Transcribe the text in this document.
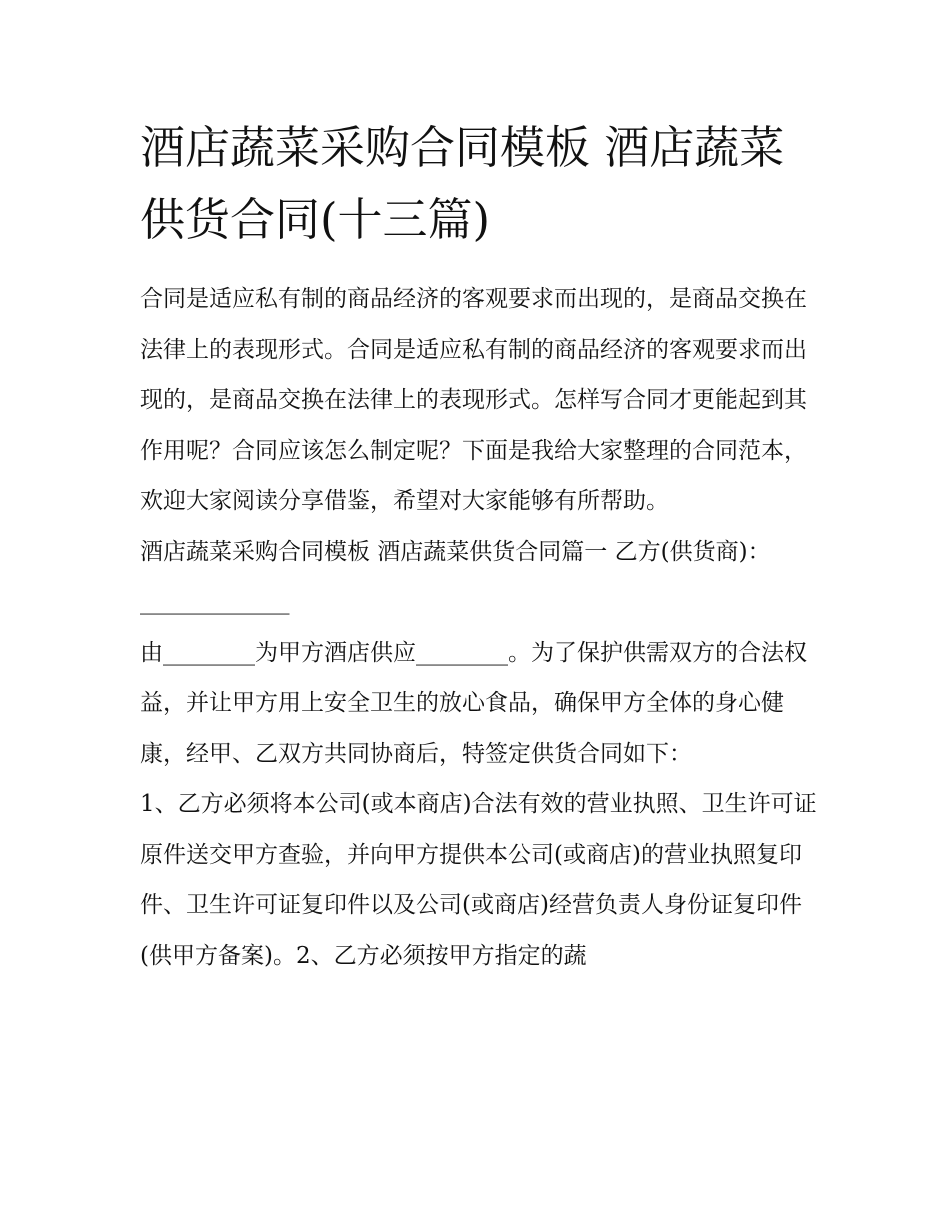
酒店蔬菜采购合同模板 酒店蔬菜供货合同(十三篇)

合同是适应私有制的商品经济的客观要求而出现的，是商品交换在法律上的表现形式。合同是适应私有制的商品经济的客观要求而出现的，是商品交换在法律上的表现形式。怎样写合同才更能起到其作用呢？合同应该怎么制定呢？下面是我给大家整理的合同范本，欢迎大家阅读分享借鉴，希望对大家能够有所帮助。

酒店蔬菜采购合同模板 酒店蔬菜供货合同篇一 乙方(供货商)：_____________

由________为甲方酒店供应________。为了保护供需双方的合法权益，并让甲方用上安全卫生的放心食品，确保甲方全体的身心健康，经甲、乙双方共同协商后，特签定供货合同如下：

1、乙方必须将本公司(或本商店)合法有效的营业执照、卫生许可证原件送交甲方查验，并向甲方提供本公司(或商店)的营业执照复印件、卫生许可证复印件以及公司(或商店)经营负责人身份证复印件(供甲方备案)。2、乙方必须按甲方指定的蔬
